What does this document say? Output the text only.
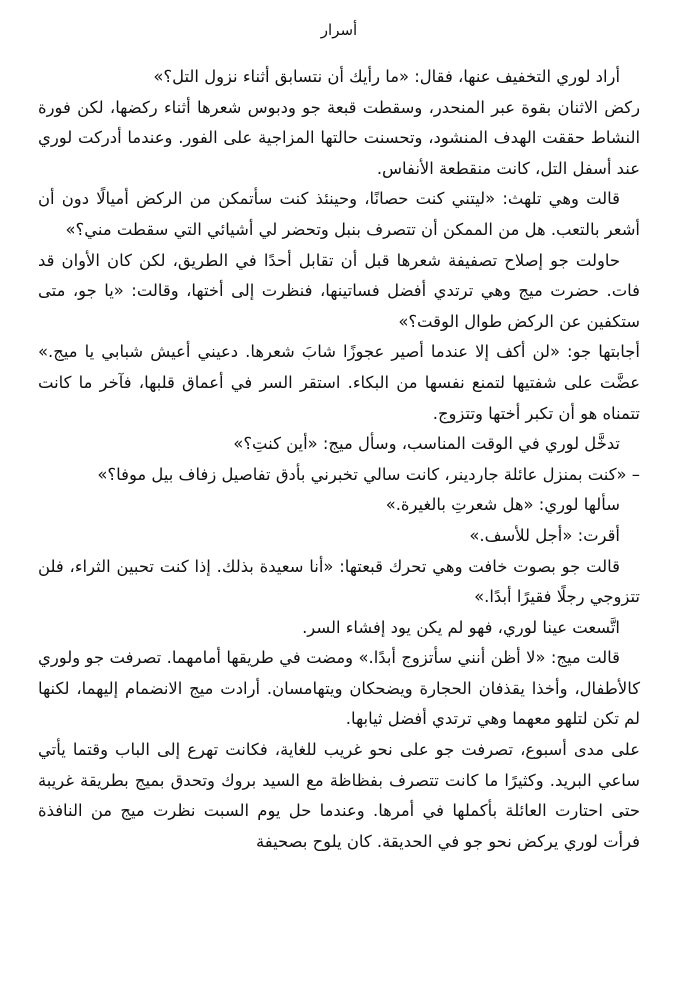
أسرار

أراد لوري التخفيف عنها، فقال: «ما رأيك أن نتسابق أثناء نزول التل؟»

ركض الاثنان بقوة عبر المنحدر، وسقطت قبعة جو ودبوس شعرها أثناء ركضها، لكن فورة النشاط حققت الهدف المنشود، وتحسنت حالتها المزاجية على الفور. وعندما أدركت لوري عند أسفل التل، كانت منقطعة الأنفاس.

قالت وهي تلهث: «ليتني كنت حصانًا، وحينئذ كنت سأتمكن من الركض أميالًا دون أن أشعر بالتعب. هل من الممكن أن تتصرف بنبل وتحضر لي أشيائي التي سقطت مني؟»

حاولت جو إصلاح تصفيفة شعرها قبل أن تقابل أحدًا في الطريق، لكن كان الأوان قد فات. حضرت ميج وهي ترتدي أفضل فساتينها، فنظرت إلى أختها، وقالت: «يا جو، متى ستكفين عن الركض طوال الوقت؟»

أجابتها جو: «لن أكف إلا عندما أصير عجوزًا شابَ شعرها. دعيني أعيش شبابي يا ميج.» عضَّت على شفتيها لتمنع نفسها من البكاء. استقر السر في أعماق قلبها، فآخر ما كانت تتمناه هو أن تكبر أختها وتتزوج.

تدخَّل لوري في الوقت المناسب، وسأل ميج: «أين كنتِ؟»

– «كنت بمنزل عائلة جاردينر، كانت سالي تخبرني بأدق تفاصيل زفاف بيل موفا؟»

سألها لوري: «هل شعرتِ بالغيرة.»

أقرت: «أجل للأسف.»

قالت جو بصوت خافت وهي تحرك قبعتها: «أنا سعيدة بذلك. إذا كنت تحبين الثراء، فلن تتزوجي رجلًا فقيرًا أبدًا.»

اتَّسعت عينا لوري، فهو لم يكن يود إفشاء السر.

قالت ميج: «لا أظن أنني سأتزوج أبدًا.» ومضت في طريقها أمامهما. تصرفت جو ولوري كالأطفال، وأخذا يقذفان الحجارة ويضحكان ويتهامسان. أرادت ميج الانضمام إليهما، لكنها لم تكن لتلهو معهما وهي ترتدي أفضل ثيابها.

على مدى أسبوع، تصرفت جو على نحو غريب للغاية، فكانت تهرع إلى الباب وقتما يأتي ساعي البريد. وكثيرًا ما كانت تتصرف بفظاظة مع السيد بروك وتحدق بميج بطريقة غريبة حتى احتارت العائلة بأكملها في أمرها. وعندما حل يوم السبت نظرت ميج من النافذة فرأت لوري يركض نحو جو في الحديقة. كان يلوح بصحيفة
